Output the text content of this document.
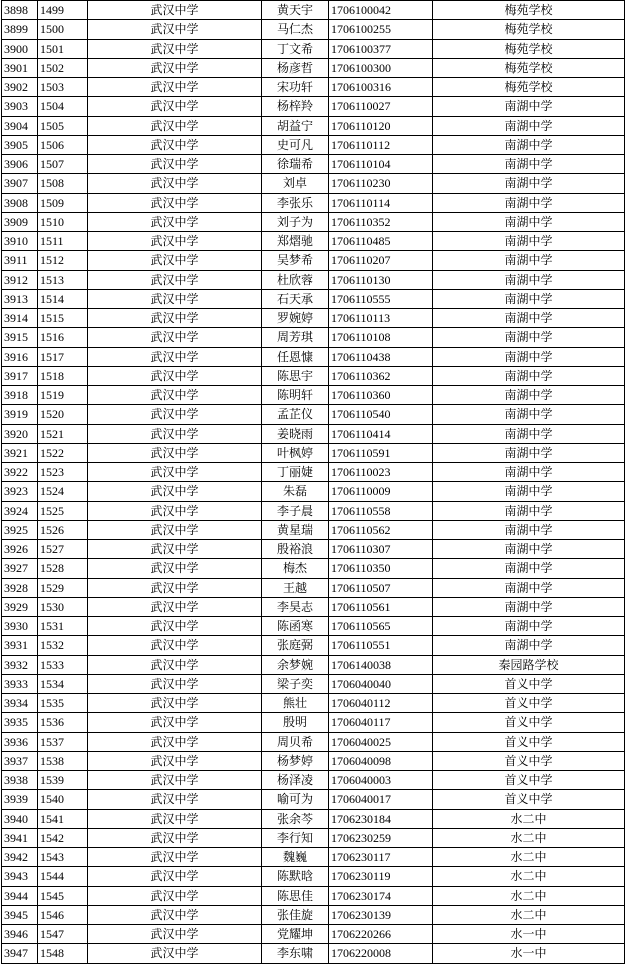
3898	1499	武汉中学	黄天宇	1706100042	梅苑学校
3899	1500	武汉中学	马仁杰	1706100255	梅苑学校
3900	1501	武汉中学	丁文希	1706100377	梅苑学校
3901	1502	武汉中学	杨彦哲	1706100300	梅苑学校
3902	1503	武汉中学	宋功轩	1706100316	梅苑学校
3903	1504	武汉中学	杨梓羚	1706110027	南湖中学
3904	1505	武汉中学	胡益宁	1706110120	南湖中学
3905	1506	武汉中学	史可凡	1706110112	南湖中学
3906	1507	武汉中学	徐瑞希	1706110104	南湖中学
3907	1508	武汉中学	刘卓	1706110230	南湖中学
3908	1509	武汉中学	李张乐	1706110114	南湖中学
3909	1510	武汉中学	刘子为	1706110352	南湖中学
3910	1511	武汉中学	郑熠驰	1706110485	南湖中学
3911	1512	武汉中学	吴梦希	1706110207	南湖中学
3912	1513	武汉中学	杜欣蓉	1706110130	南湖中学
3913	1514	武汉中学	石天承	1706110555	南湖中学
3914	1515	武汉中学	罗婉婷	1706110113	南湖中学
3915	1516	武汉中学	周芳琪	1706110108	南湖中学
3916	1517	武汉中学	任恩慷	1706110438	南湖中学
3917	1518	武汉中学	陈思宇	1706110362	南湖中学
3918	1519	武汉中学	陈明轩	1706110360	南湖中学
3919	1520	武汉中学	孟芷仪	1706110540	南湖中学
3920	1521	武汉中学	姜晓雨	1706110414	南湖中学
3921	1522	武汉中学	叶枫婷	1706110591	南湖中学
3922	1523	武汉中学	丁丽婕	1706110023	南湖中学
3923	1524	武汉中学	朱磊	1706110009	南湖中学
3924	1525	武汉中学	李子晨	1706110558	南湖中学
3925	1526	武汉中学	黄星瑞	1706110562	南湖中学
3926	1527	武汉中学	殷裕浪	1706110307	南湖中学
3927	1528	武汉中学	梅杰	1706110350	南湖中学
3928	1529	武汉中学	王越	1706110507	南湖中学
3929	1530	武汉中学	李昊志	1706110561	南湖中学
3930	1531	武汉中学	陈函寒	1706110565	南湖中学
3931	1532	武汉中学	张庭弼	1706110551	南湖中学
3932	1533	武汉中学	余梦婉	1706140038	秦园路学校
3933	1534	武汉中学	梁子奕	1706040040	首义中学
3934	1535	武汉中学	熊壮	1706040112	首义中学
3935	1536	武汉中学	殷明	1706040117	首义中学
3936	1537	武汉中学	周贝希	1706040025	首义中学
3937	1538	武汉中学	杨梦婷	1706040098	首义中学
3938	1539	武汉中学	杨泽凌	1706040003	首义中学
3939	1540	武汉中学	喻可为	1706040017	首义中学
3940	1541	武汉中学	张余芩	1706230184	水二中
3941	1542	武汉中学	李行知	1706230259	水二中
3942	1543	武汉中学	魏巍	1706230117	水二中
3943	1544	武汉中学	陈默晗	1706230119	水二中
3944	1545	武汉中学	陈思佳	1706230174	水二中
3945	1546	武汉中学	张佳旋	1706230139	水二中
3946	1547	武汉中学	党耀坤	1706220266	水一中
3947	1548	武汉中学	李东啸	1706220008	水一中
